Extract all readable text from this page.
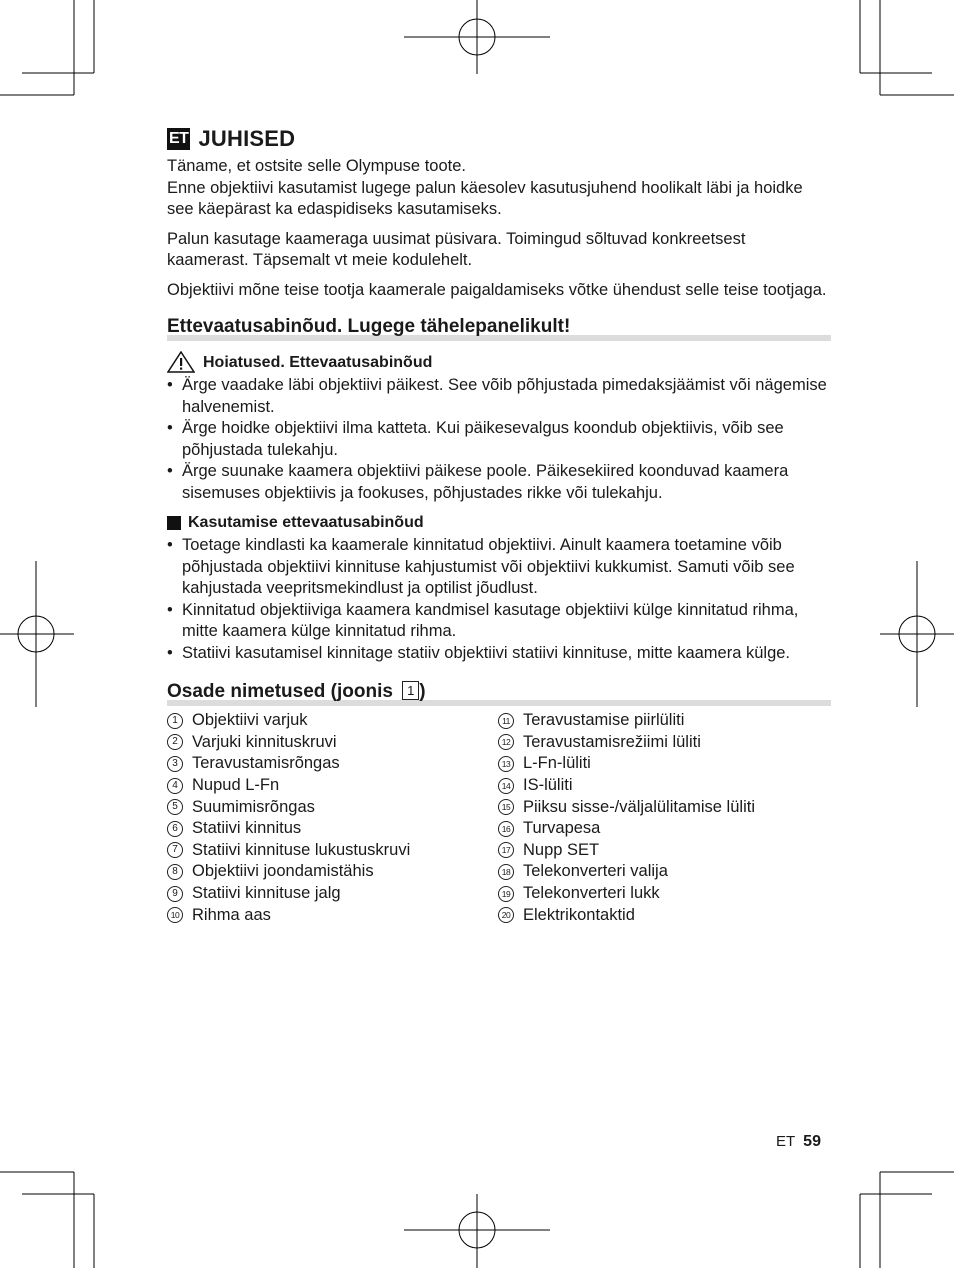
ET JUHISED

Täname, et ostsite selle Olympuse toote.
Enne objektiivi kasutamist lugege palun käesolev kasutusjuhend hoolikalt läbi ja hoidke see käepärast ka edaspidiseks kasutamiseks.

Palun kasutage kaameraga uusimat püsivara. Toimingud sõltuvad konkreetsest kaamerast. Täpsemalt vt meie kodulehelt.

Objektiivi mõne teise tootja kaamerale paigaldamiseks võtke ühendust selle teise tootjaga.

Ettevaatusabinõud. Lugege tähelepanelikult!
Hoiatused. Ettevaatusabinõud
• Ärge vaadake läbi objektiivi päikest. See võib põhjustada pimedaksjäämist või nägemise halvenemist.
• Ärge hoidke objektiivi ilma katteta. Kui päikesevalgus koondub objektiivis, võib see põhjustada tulekahju.
• Ärge suunake kaamera objektiivi päikese poole. Päikesekiired koonduvad kaamera sisemuses objektiivis ja fookuses, põhjustades rikke või tulekahju.
Kasutamise ettevaatusabinõud
• Toetage kindlasti ka kaamerale kinnitatud objektiivi. Ainult kaamera toetamine võib põhjustada objektiivi kinnituse kahjustumist või objektiivi kukkumist. Samuti võib see kahjustada veepritsmekindlust ja optilist jõudlust.
• Kinnitatud objektiiviga kaamera kandmisel kasutage objektiivi külge kinnitatud rihma, mitte kaamera külge kinnitatud rihma.
• Statiivi kasutamisel kinnitage statiiv objektiivi statiivi kinnituse, mitte kaamera külge.
Osade nimetused (joonis 1 )
1 Objektiivi varjuk
2 Varjuki kinnituskruvi
3 Teravustamisrõngas
4 Nupud L-Fn
5 Suumimisrõngas
6 Statiivi kinnitus
7 Statiivi kinnituse lukustuskruvi
8 Objektiivi joondamistähis
9 Statiivi kinnituse jalg
10 Rihma aas
11 Teravustamise piirlüliti
12 Teravustamisrežiimi lüliti
13 L-Fn-lüliti
14 IS-lüliti
15 Piiksu sisse-/väljalülitamise lüliti
16 Turvapesa
17 Nupp SET
18 Telekonverteri valija
19 Telekonverteri lukk
20 Elektrikontaktid
ET 59
